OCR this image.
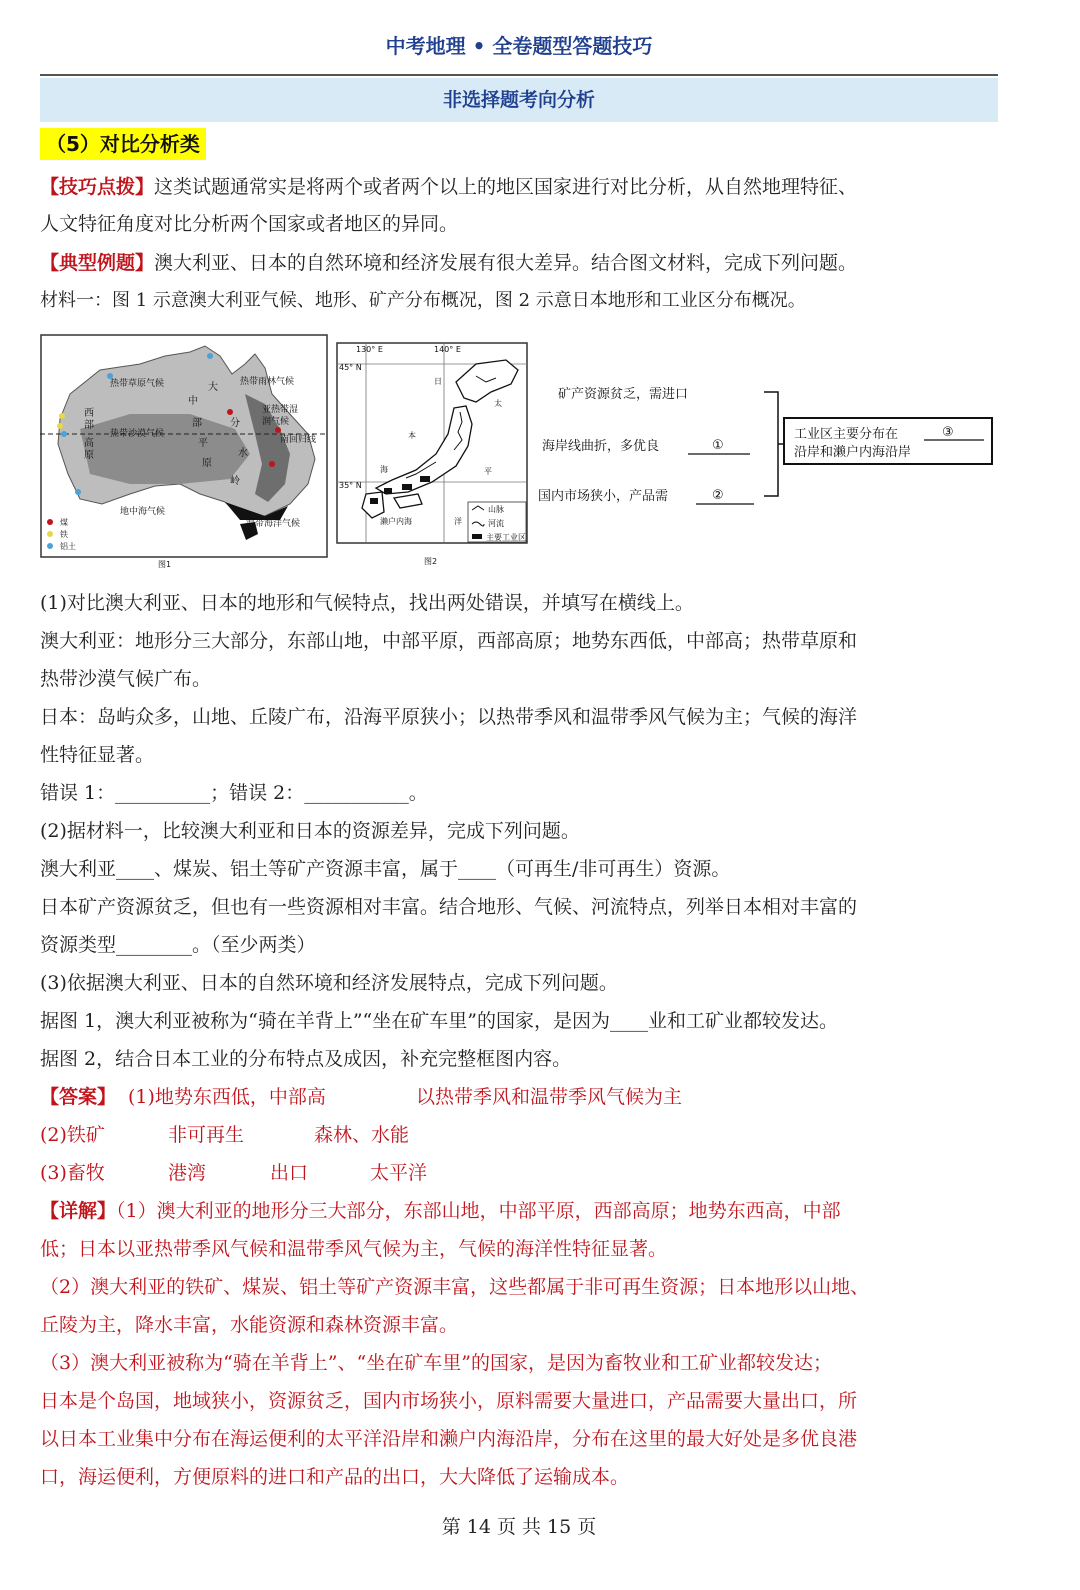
中考地理 • 全卷题型答题技巧
非选择题考向分析
（5）对比分析类
【技巧点拨】这类试题通常实是将两个或者两个以上的地区国家进行对比分析，从自然地理特征、
人文特征角度对比分析两个国家或者地区的异同。
【典型例题】澳大利亚、日本的自然环境和经济发展有很大差异。结合图文材料，完成下列问题。
材料一：图 1 示意澳大利亚气候、地形、矿产分布概况，图 2 示意日本地形和工业区分布概况。
热带草原气候	热带雨林气候
亚热带湿
润气候
南回归线
热带沙漠气候
地中海气候
温带海洋气候
西
部
高
原
中
部
平
原
大
分
水
岭
煤
铁
铝土
图1
130° E	140° E
45° N
35° N
日
本
海
太
平
洋
濑户内海
山脉
河流
主要工业区
图2
矿产资源贫乏，需进口
海岸线曲折，多优良	①
国内市场狭小，产品需	②
工业区主要分布在	③
沿岸和濑户内海沿岸
(1)对比澳大利亚、日本的地形和气候特点，找出两处错误，并填写在横线上。
澳大利亚：地形分三大部分，东部山地，中部平原，西部高原；地势东西低，中部高；热带草原和
热带沙漠气候广布。
日本：岛屿众多，山地、丘陵广布，沿海平原狭小；以热带季风和温带季风气候为主；气候的海洋
性特征显著。
错误 1：__________；错误 2：___________。
(2)据材料一，比较澳大利亚和日本的资源差异，完成下列问题。
澳大利亚____、煤炭、铝土等矿产资源丰富，属于____（可再生/非可再生）资源。
日本矿产资源贫乏，但也有一些资源相对丰富。结合地形、气候、河流特点，列举日本相对丰富的
资源类型________。（至少两类）
(3)依据澳大利亚、日本的自然环境和经济发展特点，完成下列问题。
据图 1，澳大利亚被称为“骑在羊背上”“坐在矿车里”的国家，是因为____业和工矿业都较发达。
据图 2，结合日本工业的分布特点及成因，补充完整框图内容。
【答案】 (1)地势东西低，中部高	以热带季风和温带季风气候为主
(2)铁矿	非可再生	森林、水能
(3)畜牧	港湾	出口	太平洋
【详解】（1）澳大利亚的地形分三大部分，东部山地，中部平原，西部高原；地势东西高，中部
低；日本以亚热带季风气候和温带季风气候为主，气候的海洋性特征显著。
（2）澳大利亚的铁矿、煤炭、铝土等矿产资源丰富，这些都属于非可再生资源；日本地形以山地、
丘陵为主，降水丰富，水能资源和森林资源丰富。
（3）澳大利亚被称为“骑在羊背上”、“坐在矿车里”的国家，是因为畜牧业和工矿业都较发达；
日本是个岛国，地域狭小，资源贫乏，国内市场狭小，原料需要大量进口，产品需要大量出口，所
以日本工业集中分布在海运便利的太平洋沿岸和濑户内海沿岸，分布在这里的最大好处是多优良港
口，海运便利，方便原料的进口和产品的出口，大大降低了运输成本。
第 14 页 共 15 页
